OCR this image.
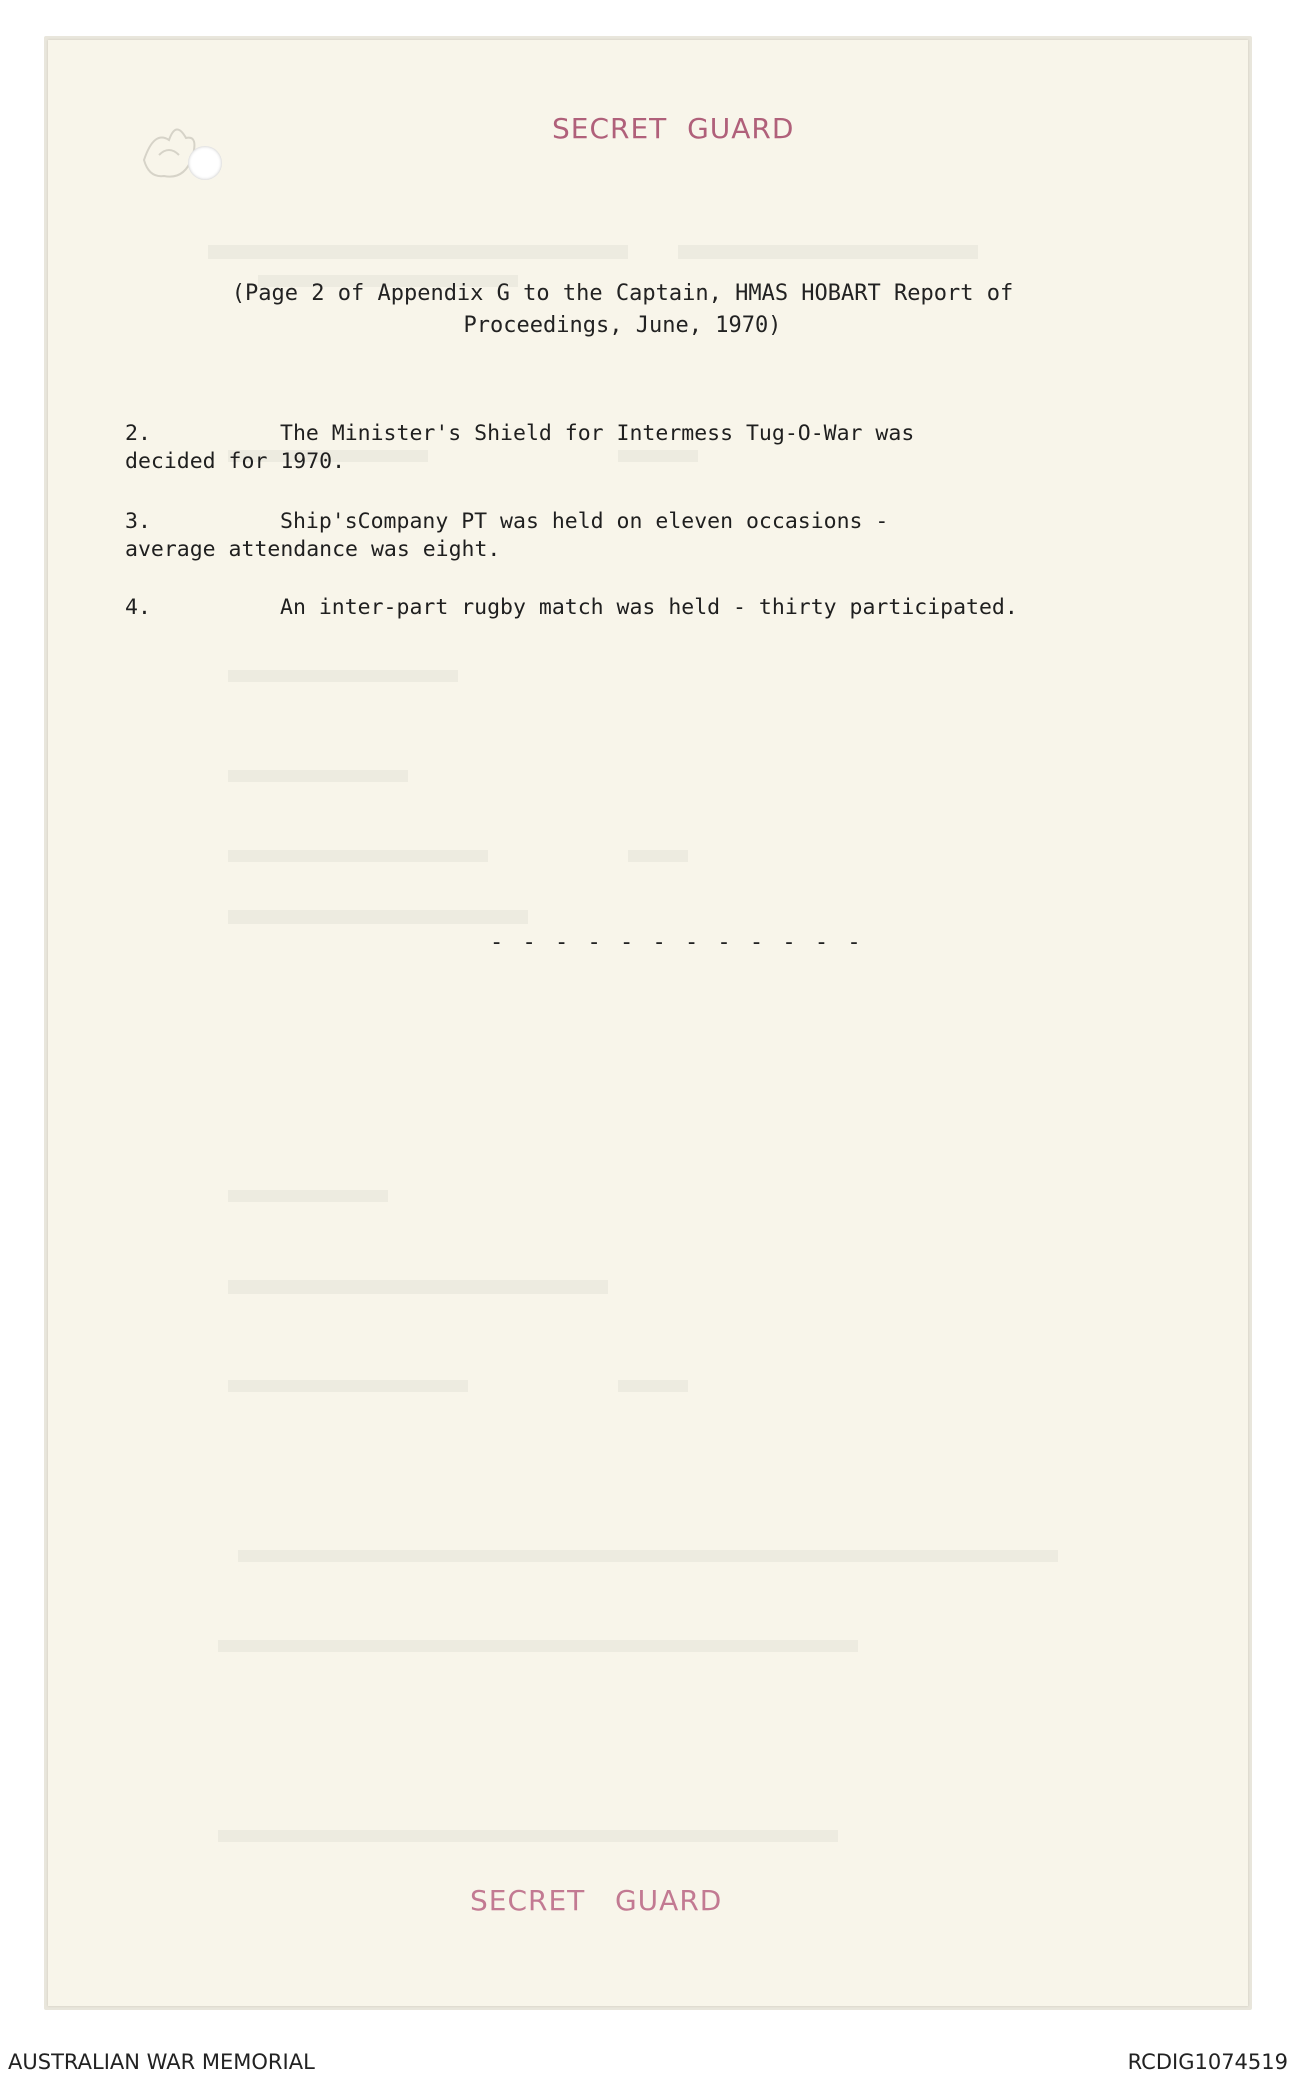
SECRET  GUARD
(Page 2 of Appendix G to the Captain, HMAS HOBART Report of
Proceedings, June, 1970)
2.	The Minister's Shield for Intermess Tug-O-War was
decided for 1970.
3.	Ship'sCompany PT was held on eleven occasions -
average attendance was eight.
4.	An inter-part rugby match was held - thirty participated.
- - - - - - - - - - - -
SECRET   GUARD
AUSTRALIAN WAR MEMORIAL	RCDIG1074519
